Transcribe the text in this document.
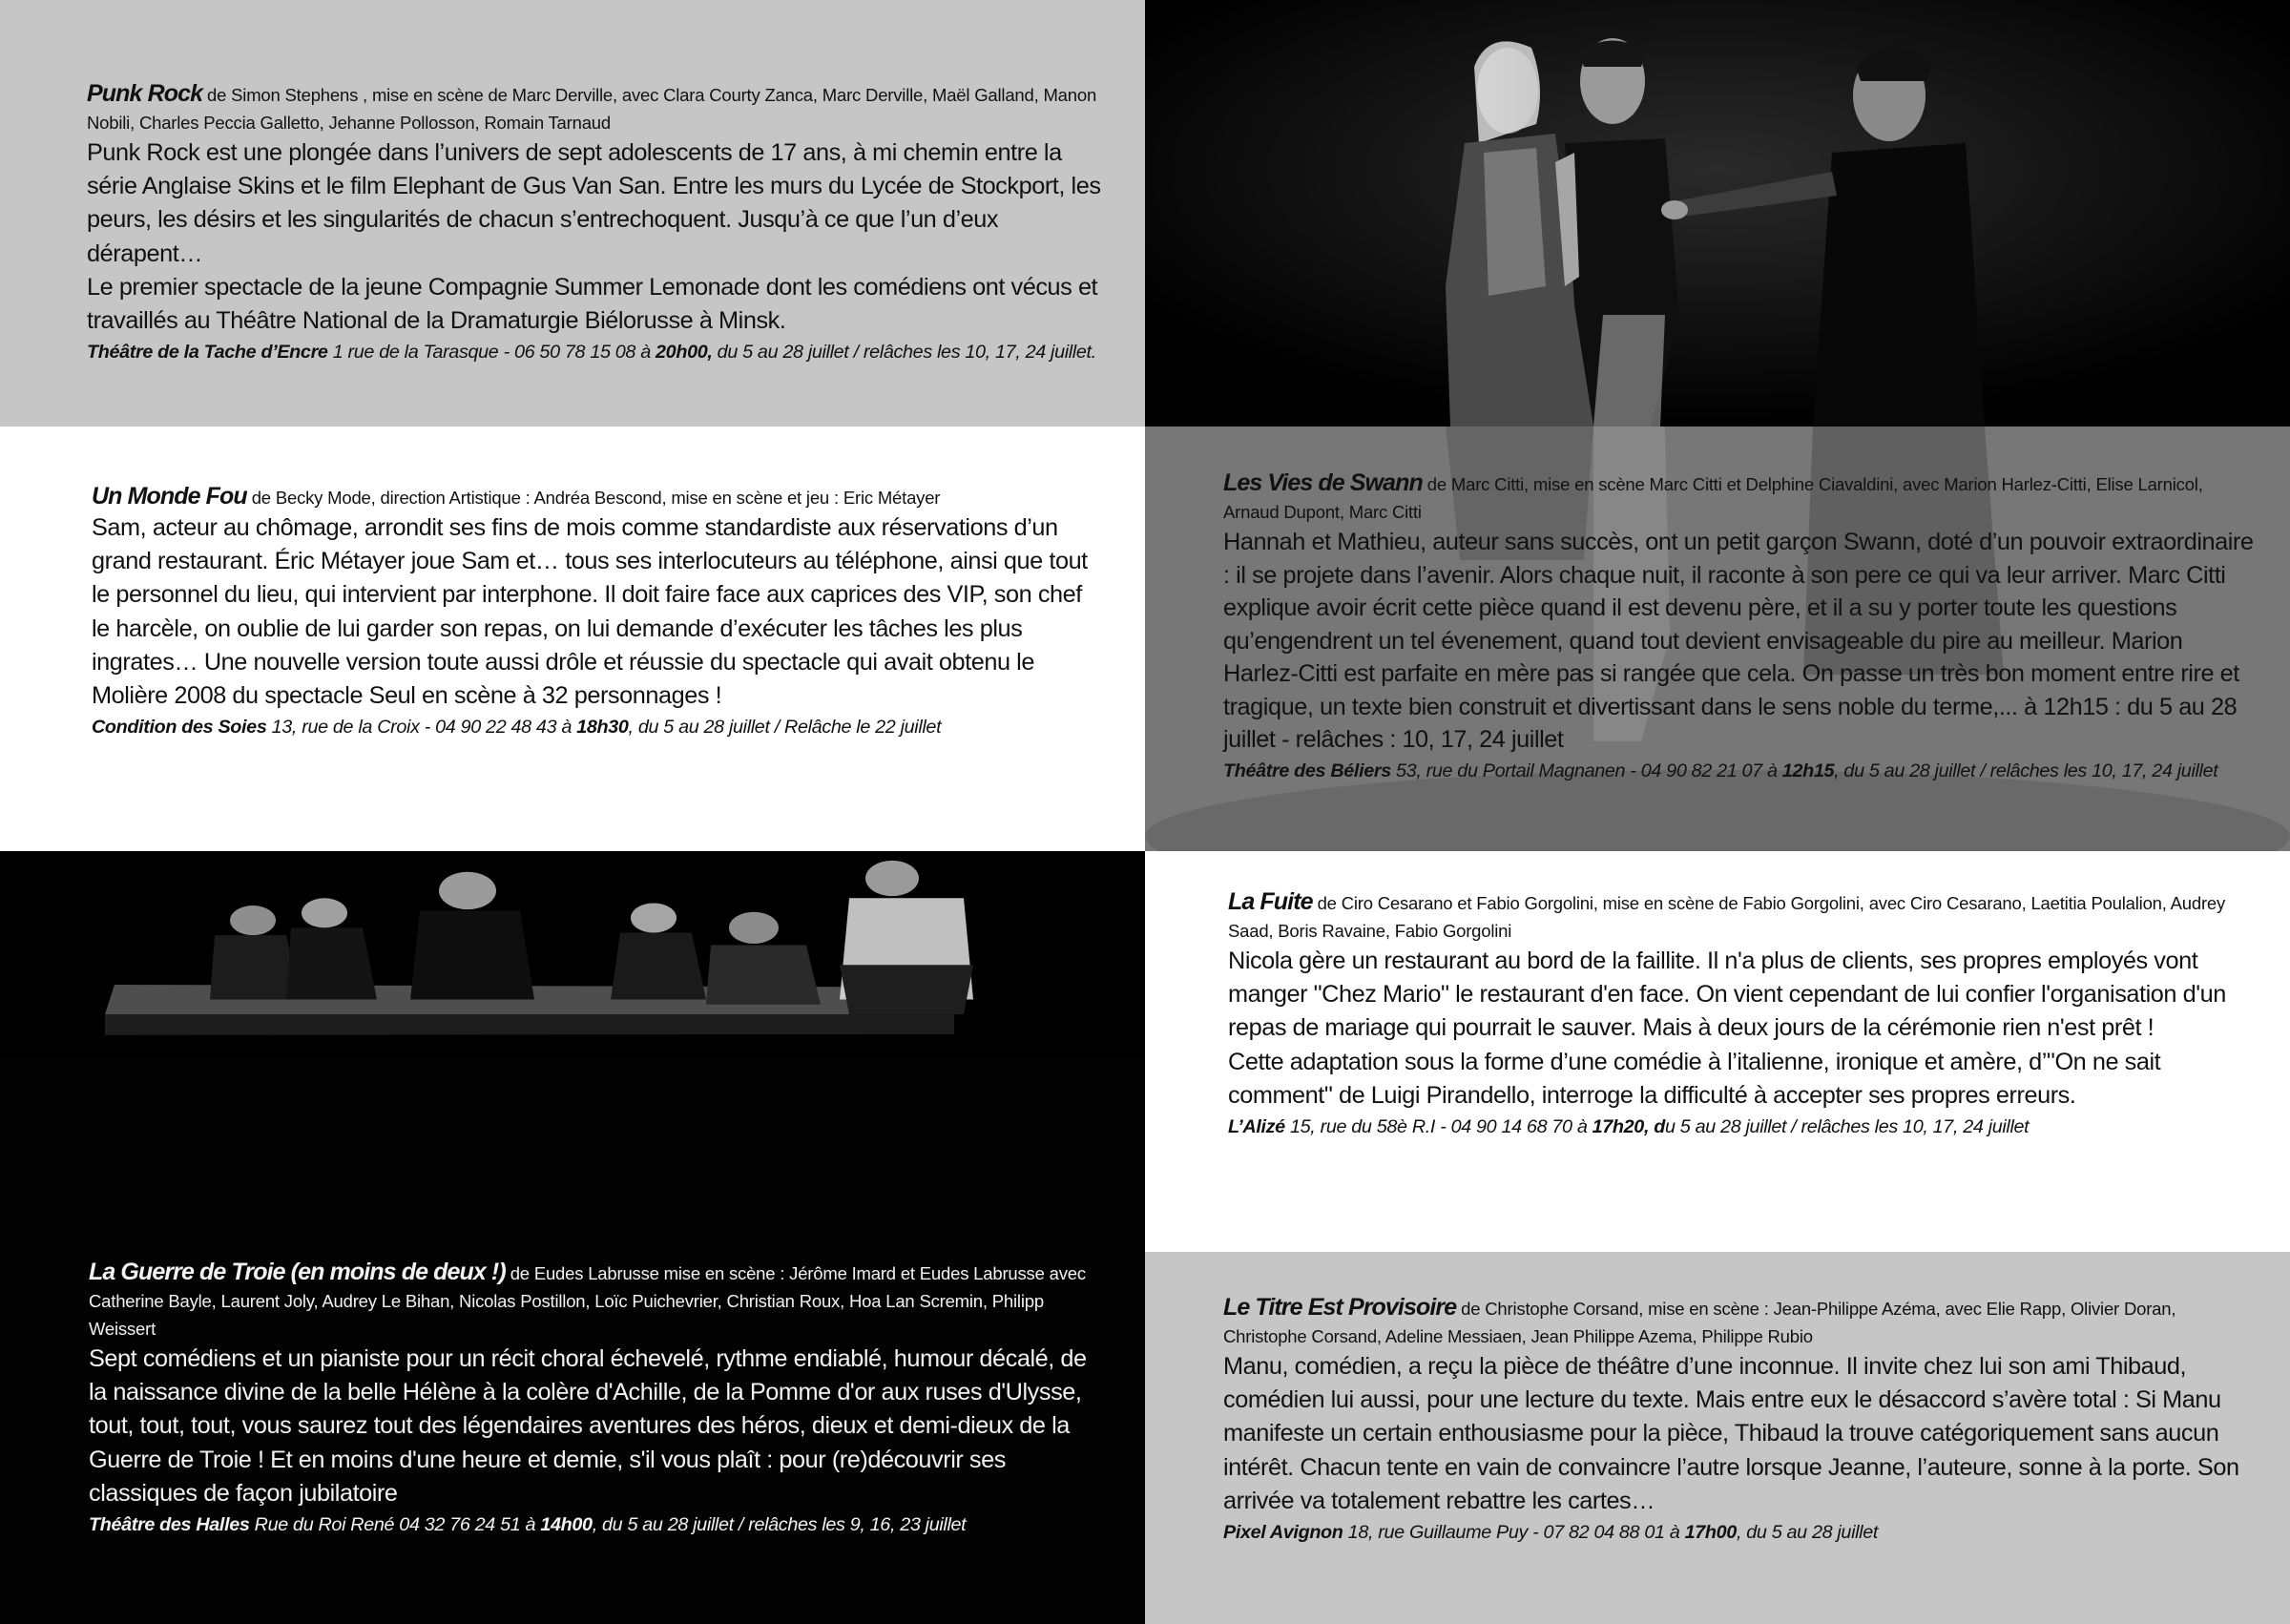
Punk Rock de Simon Stephens , mise en scène de Marc Derville, avec Clara Courty Zanca, Marc Derville, Maël Galland, Manon Nobili, Charles Peccia Galletto, Jehanne Pollosson, Romain Tarnaud

Punk Rock est une plongée dans l’univers de sept adolescents de 17 ans, à mi chemin entre la série Anglaise Skins et le film Elephant de Gus Van San. Entre les murs du Lycée de Stockport, les peurs, les désirs et les singularités de chacun s’entrechoquent. Jusqu’à ce que l’un d’eux dérapent…

Le premier spectacle de la jeune Compagnie Summer Lemonade dont les comédiens ont vécus et travaillés au Théâtre National de la Dramaturgie Biélorusse à Minsk.

Théâtre de la Tache d’Encre 1 rue de la Tarasque - 06 50 78 15 08 à 20h00, du 5 au 28 juillet / relâches les 10, 17, 24 juillet.
Un Monde Fou de Becky Mode, direction Artistique : Andréa Bescond, mise en scène et jeu : Eric Métayer

Sam, acteur au chômage, arrondit ses fins de mois comme standardiste aux réservations d’un grand restaurant. Éric Métayer joue Sam et… tous ses interlocuteurs au téléphone, ainsi que tout le personnel du lieu, qui intervient par interphone. Il doit faire face aux caprices des VIP, son chef le harcèle, on oublie de lui garder son repas, on lui demande d’exécuter les tâches les plus ingrates… Une nouvelle version toute aussi drôle et réussie du spectacle qui avait obtenu le Molière 2008 du spectacle Seul en scène à 32 personnages !

Condition des Soies 13, rue de la Croix - 04 90 22 48 43 à 18h30, du 5 au 28 juillet / Relâche le 22 juillet
Les Vies de Swann de Marc Citti, mise en scène Marc Citti et Delphine Ciavaldini, avec Marion Harlez-Citti, Elise Larnicol, Arnaud Dupont, Marc Citti

Hannah et Mathieu, auteur sans succès, ont un petit garçon Swann, doté d’un pouvoir extraordinaire : il se projete dans l’avenir. Alors chaque nuit, il raconte à son pere ce qui va leur arriver. Marc Citti explique avoir écrit cette pièce quand il est devenu père, et il a su y porter toute les questions qu’engendrent un tel évenement, quand tout devient envisageable du pire au meilleur. Marion Harlez-Citti est parfaite en mère pas si rangée que cela. On passe un très bon moment entre rire et tragique, un texte bien construit et divertissant dans le sens noble du terme,... à 12h15 : du 5 au 28 juillet - relâches : 10, 17, 24 juillet

Théâtre des Béliers 53, rue du Portail Magnanen - 04 90 82 21 07 à 12h15, du 5 au 28 juillet / relâches les 10, 17, 24 juillet
La Guerre de Troie (en moins de deux !) de Eudes Labrusse mise en scène : Jérôme Imard et Eudes Labrusse avec Catherine Bayle, Laurent Joly, Audrey Le Bihan, Nicolas Postillon, Loïc Puichevrier, Christian Roux, Hoa Lan Scremin, Philipp Weissert

Sept comédiens et un pianiste pour un récit choral échevelé, rythme endiablé, humour décalé, de la naissance divine de la belle Hélène à la colère d'Achille, de la Pomme d'or aux ruses d'Ulysse, tout, tout, tout, vous saurez tout des légendaires aventures des héros, dieux et demi-dieux de la Guerre de Troie ! Et en moins d'une heure et demie, s'il vous plaît : pour (re)découvrir ses classiques de façon jubilatoire

Théâtre des Halles Rue du Roi René 04 32 76 24 51 à 14h00, du 5 au 28 juillet / relâches les 9, 16, 23 juillet
La Fuite de Ciro Cesarano et Fabio Gorgolini, mise en scène de Fabio Gorgolini, avec Ciro Cesarano, Laetitia Poulalion, Audrey Saad, Boris Ravaine, Fabio Gorgolini

Nicola gère un restaurant au bord de la faillite. Il n'a plus de clients, ses propres employés vont manger "Chez Mario" le restaurant d'en face. On vient cependant de lui confier l'organisation d'un repas de mariage qui pourrait le sauver. Mais à deux jours de la cérémonie rien n'est prêt !

Cette adaptation sous la forme d’une comédie à l’italienne, ironique et amère, d’"On ne sait comment" de Luigi Pirandello, interroge la difficulté à accepter ses propres erreurs.

L’Alizé 15, rue du 58è R.I - 04 90 14 68 70 à 17h20, du 5 au 28 juillet / relâches les 10, 17, 24 juillet
Le Titre Est Provisoire de Christophe Corsand, mise en scène : Jean-Philippe Azéma, avec Elie Rapp, Olivier Doran, Christophe Corsand, Adeline Messiaen, Jean Philippe Azema, Philippe Rubio

Manu, comédien, a reçu la pièce de théâtre d’une inconnue. Il invite chez lui son ami Thibaud, comédien lui aussi, pour une lecture du texte. Mais entre eux le désaccord s’avère total : Si Manu manifeste un certain enthousiasme pour la pièce, Thibaud la trouve catégoriquement sans aucun intérêt. Chacun tente en vain de convaincre l’autre lorsque Jeanne, l’auteure, sonne à la porte. Son arrivée va totalement rebattre les cartes…

Pixel Avignon 18, rue Guillaume Puy - 07 82 04 88 01 à 17h00, du 5 au 28 juillet
